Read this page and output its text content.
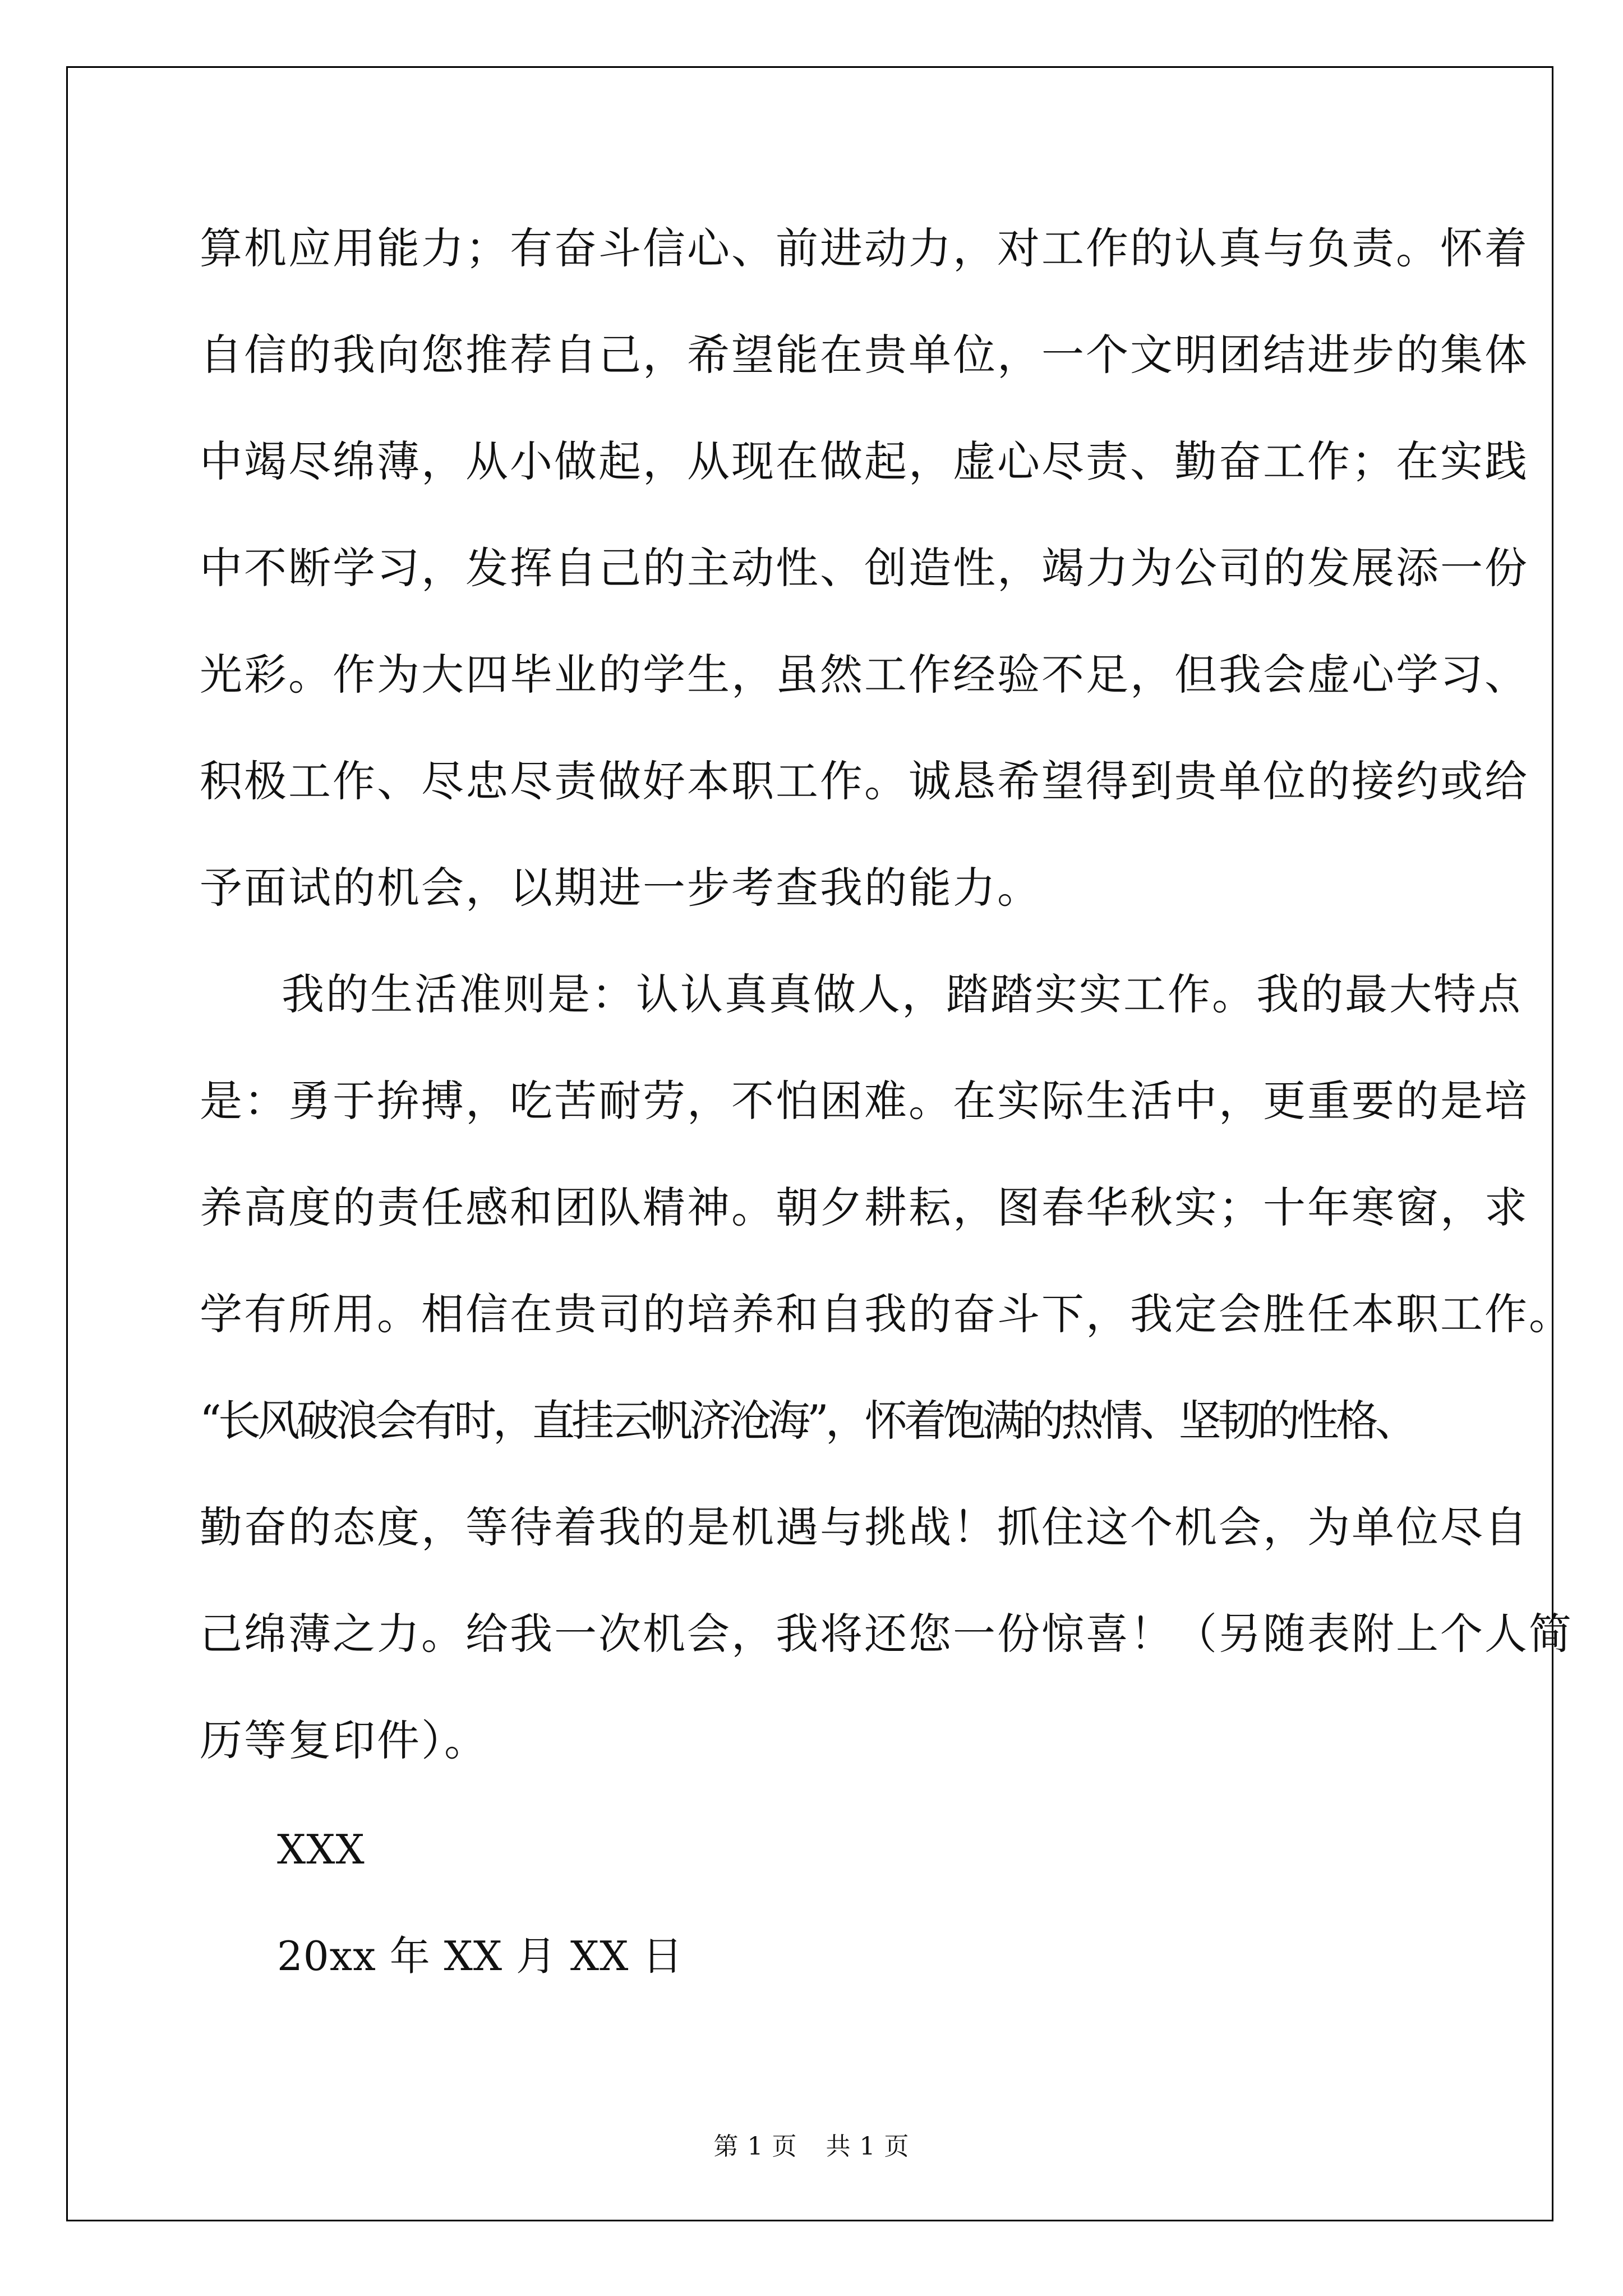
算机应用能力；有奋斗信心、前进动力，对工作的认真与负责。怀着
自信的我向您推荐自己，希望能在贵单位，一个文明团结进步的集体
中竭尽绵薄，从小做起，从现在做起，虚心尽责、勤奋工作；在实践
中不断学习，发挥自己的主动性、创造性，竭力为公司的发展添一份
光彩。作为大四毕业的学生，虽然工作经验不足，但我会虚心学习、
积极工作、尽忠尽责做好本职工作。诚恳希望得到贵单位的接约或给
予面试的机会，以期进一步考查我的能力。
我的生活准则是：认认真真做人，踏踏实实工作。我的最大特点
是：勇于拚搏，吃苦耐劳，不怕困难。在实际生活中，更重要的是培
养高度的责任感和团队精神。朝夕耕耘，图春华秋实；十年寒窗，求
学有所用。相信在贵司的培养和自我的奋斗下，我定会胜任本职工作。
“长风破浪会有时，直挂云帆济沧海”，怀着饱满的热情、坚韧的性格、
勤奋的态度，等待着我的是机遇与挑战！抓住这个机会，为单位尽自
己绵薄之力。给我一次机会，我将还您一份惊喜！（另随表附上个人简
历等复印件）。
XXX
20xx 年 XX 月 XX 日
第 1 页 共 1 页
